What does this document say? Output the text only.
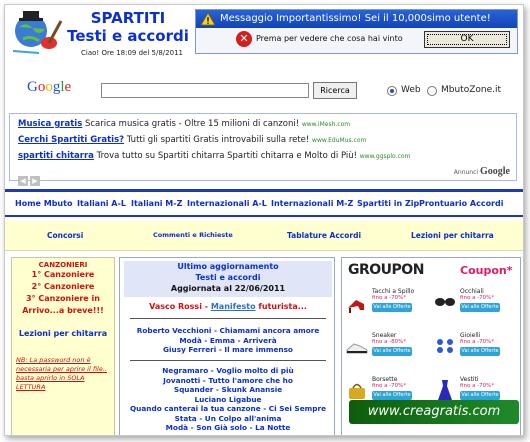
SPARTITI
Testi e accordi
Ciao! Ore 18:09 del 5/8/2011
Messaggio Importantissimo! Sei il 10,000simo utente!
✕ Prema per vedere che cosa hai vinto	OK
Google	Ricerca	Web MbutoZone.it
Musica gratis Scarica musica gratis - Oltre 15 milioni di canzoni! www.iMesh.com
Cerchi Spartiti Gratis? Tutti gli spartiti Gratis introvabili sulla rete! www.EduMus.com
spartiti chitarra Trova tutto su Spartiti chitarra Spartiti chitarra e Molto di Più! www.ggsplo.com
◀ ▶
Annunci Google
Home Mbuto Italiani A-L Italiani M-Z Internazionali A-L Internazionali M-Z Spartiti in Zip Prontuario Accordi
Concorsi	Commenti e Richieste	Tablature Accordi	Lezioni per chitarra
CANZONIERI
1° Canzoniere
2° Canzoniere
3° Canzoniere in Arrivo...a breve!!!
Lezioni per chitarra
NB: La password non è necessaria per aprire il file.. basta aprirlo in SOLA LETTURA
Ultimo aggiornamento
Testi e accordi
Aggiornata al 22/06/2011
Vasco Rossi - Manifesto futurista...
Roberto Vecchioni - Chiamami ancora amore
Modà - Emma - Arriverà
Giusy Ferreri - Il mare immenso
Negramaro - Voglio molto di più
Jovanotti - Tutto l'amore che ho
Squander - Skunk Anansie
Luciano Ligabue
Quando canterai la tua canzone - Ci Sei Sempre
Stata - Un Colpo all'anima
Modà - Son Già solo - La Notte
GROUPON	Coupon*
Tacchi a Spillo
fino a -70%*
Vai alle Offerte
Occhiali
fino a -70%*
Vai alle Offerte
Sneaker
fino a -80%*
Vai alle Offerte
Gioielli
fino a -70%*
Vai alle Offerte
Borsette
fino a -70%*
Vai alle Offerte
Vestiti
fino a -70%*
Vai alle Offerte
www.creagratis.com
